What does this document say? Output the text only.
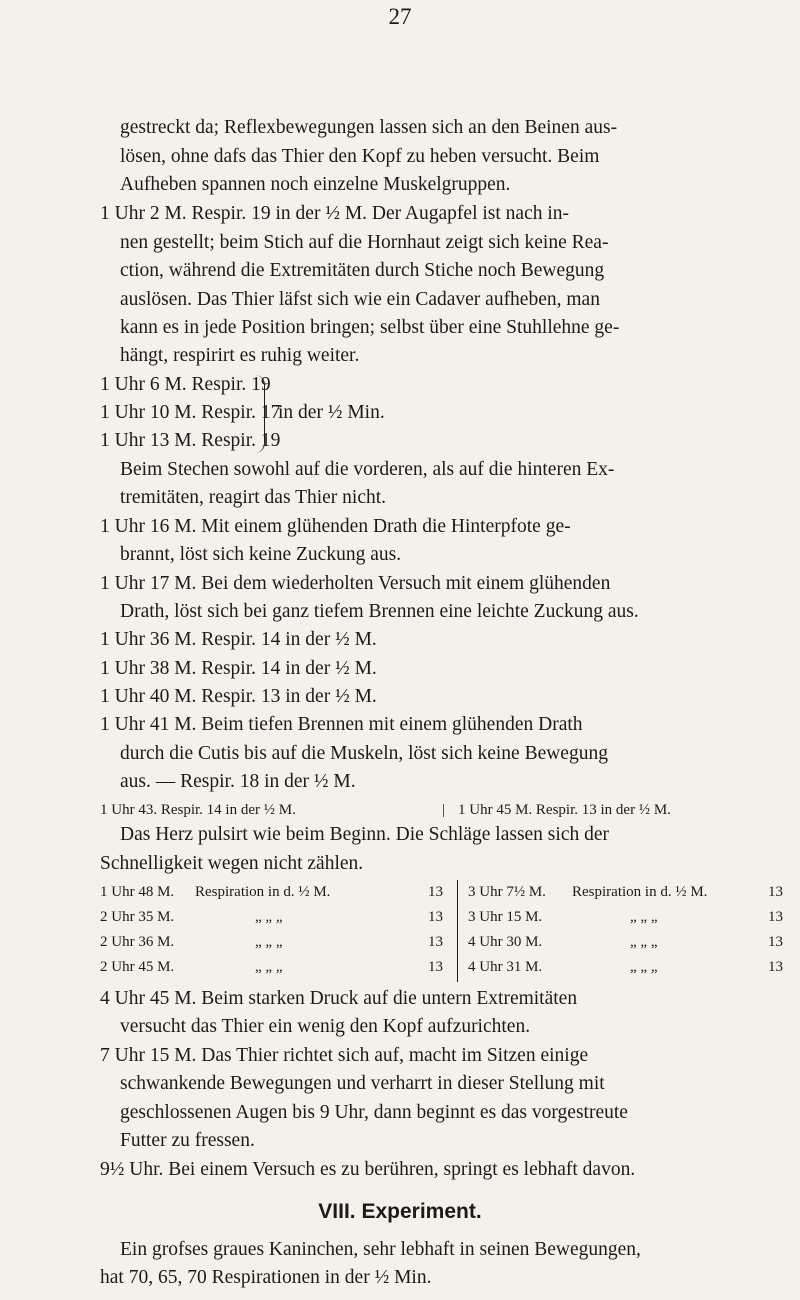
27
gestreckt da; Reflexbewegungen lassen sich an den Beinen aus-
lösen, ohne dafs das Thier den Kopf zu heben versucht. Beim
Aufheben spannen noch einzelne Muskelgruppen.
1 Uhr 2 M. Respir. 19 in der ½ M. Der Augapfel ist nach in-
nen gestellt; beim Stich auf die Hornhaut zeigt sich keine Rea-
ction, während die Extremitäten durch Stiche noch Bewegung
auslösen. Das Thier läfst sich wie ein Cadaver aufheben, man
kann es in jede Position bringen; selbst über eine Stuhllehne ge-
hängt, respirirt es ruhig weiter.
1 Uhr 6 M. Respir. 19
1 Uhr 10 M. Respir. 17
1 Uhr 13 M. Respir. 19
in der ½ Min.
Beim Stechen sowohl auf die vorderen, als auf die hinteren Ex-
tremitäten, reagirt das Thier nicht.
1 Uhr 16 M. Mit einem glühenden Drath die Hinterpfote ge-
brannt, löst sich keine Zuckung aus.
1 Uhr 17 M. Bei dem wiederholten Versuch mit einem glühenden
Drath, löst sich bei ganz tiefem Brennen eine leichte Zuckung aus.
1 Uhr 36 M. Respir. 14 in der ½ M.
1 Uhr 38 M. Respir. 14 in der ½ M.
1 Uhr 40 M. Respir. 13 in der ½ M.
1 Uhr 41 M. Beim tiefen Brennen mit einem glühenden Drath
durch die Cutis bis auf die Muskeln, löst sich keine Bewegung
aus. — Respir. 18 in der ½ M.
1 Uhr 43. Respir. 14 in der ½ M.	| 1 Uhr 45 M. Respir. 13 in der ½ M.
Das Herz pulsirt wie beim Beginn. Die Schläge lassen sich der
Schnelligkeit wegen nicht zählen.
1 Uhr 48 M. Respiration in d. ½ M.	13
2 Uhr 35 M.	„ „ „	13
2 Uhr 36 M.	„ „ „	13
2 Uhr 45 M.	„ „ „	13
3 Uhr 7½ M. Respiration in d. ½ M.	13
3 Uhr 15 M.	„ „ „	13
4 Uhr 30 M.	„ „ „	13
4 Uhr 31 M.	„ „ „	13
4 Uhr 45 M. Beim starken Druck auf die untern Extremitäten
versucht das Thier ein wenig den Kopf aufzurichten.
7 Uhr 15 M. Das Thier richtet sich auf, macht im Sitzen einige
schwankende Bewegungen und verharrt in dieser Stellung mit
geschlossenen Augen bis 9 Uhr, dann beginnt es das vorgestreute
Futter zu fressen.
9½ Uhr. Bei einem Versuch es zu berühren, springt es lebhaft davon.
VIII. Experiment.
Ein grofses graues Kaninchen, sehr lebhaft in seinen Bewegungen,
hat 70, 65, 70 Respirationen in der ½ Min.
